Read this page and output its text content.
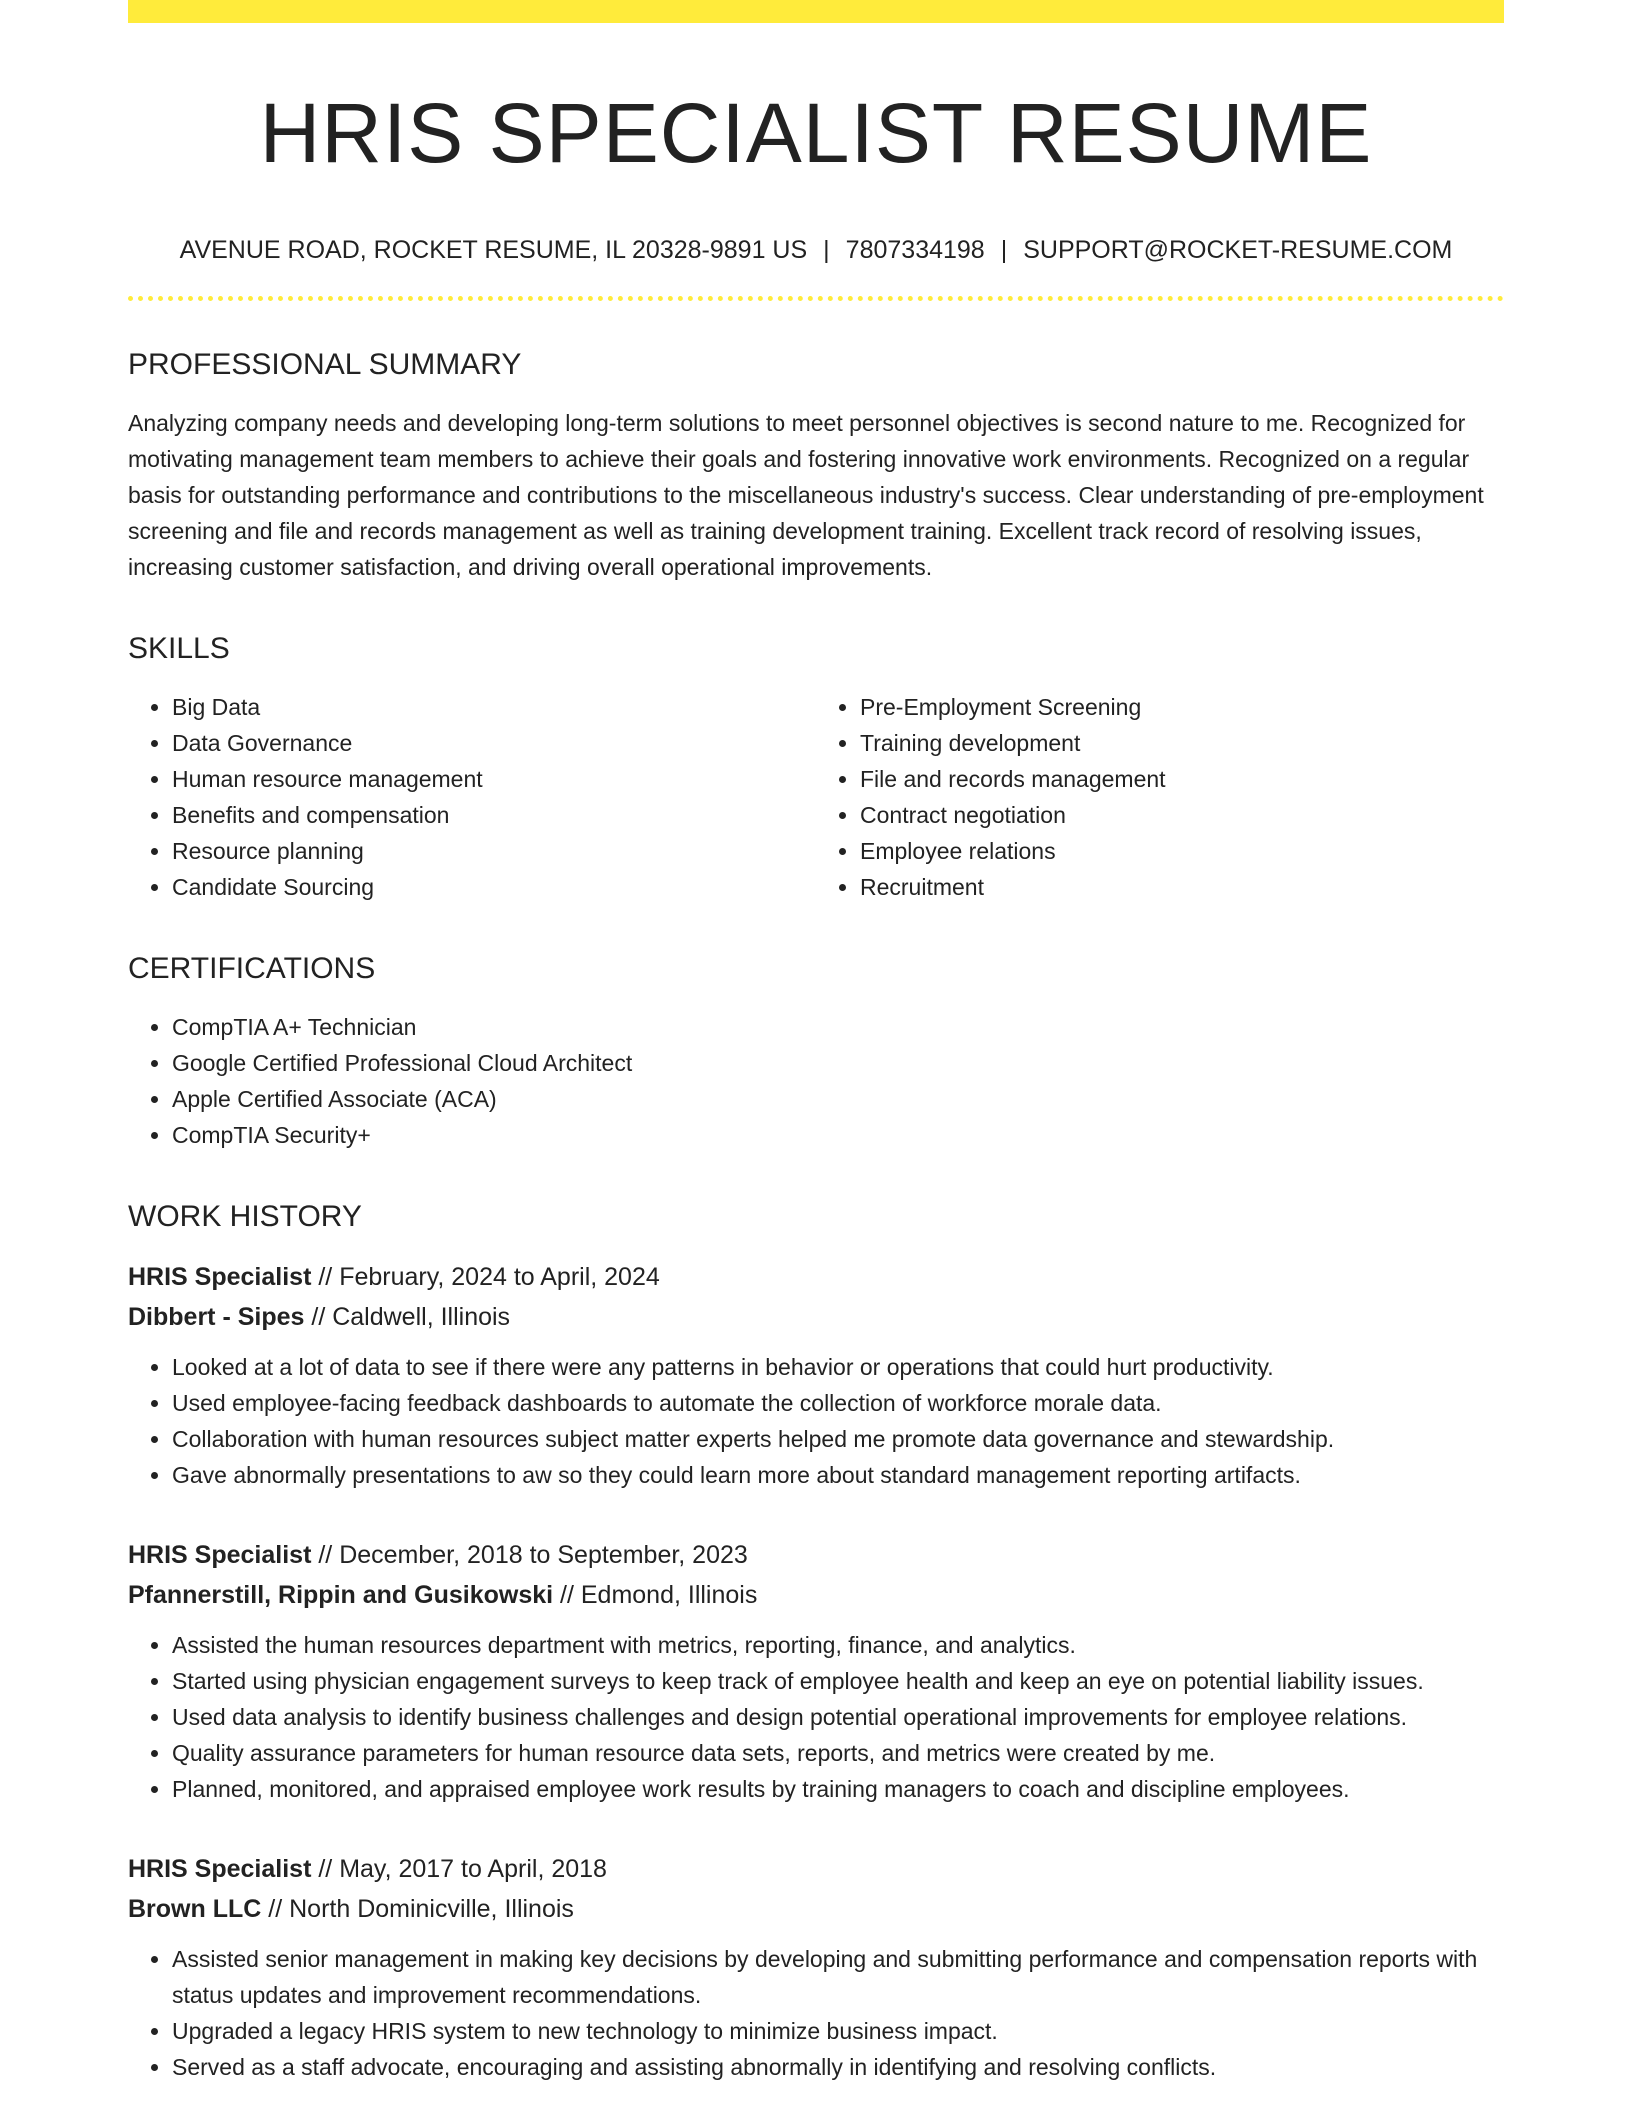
HRIS SPECIALIST RESUME
AVENUE ROAD, ROCKET RESUME, IL 20328-9891 US | 7807334198 | SUPPORT@ROCKET-RESUME.COM
PROFESSIONAL SUMMARY

Analyzing company needs and developing long-term solutions to meet personnel objectives is second nature to me. Recognized for motivating management team members to achieve their goals and fostering innovative work environments. Recognized on a regular basis for outstanding performance and contributions to the miscellaneous industry's success. Clear understanding of pre-employment screening and file and records management as well as training development training. Excellent track record of resolving issues, increasing customer satisfaction, and driving overall operational improvements.

SKILLS
• Big Data
• Data Governance
• Human resource management
• Benefits and compensation
• Resource planning
• Candidate Sourcing
• Pre-Employment Screening
• Training development
• File and records management
• Contract negotiation
• Employee relations
• Recruitment
CERTIFICATIONS
• CompTIA A+ Technician
• Google Certified Professional Cloud Architect
• Apple Certified Associate (ACA)
• CompTIA Security+
WORK HISTORY
HRIS Specialist // February, 2024 to April, 2024
Dibbert - Sipes // Caldwell, Illinois
• Looked at a lot of data to see if there were any patterns in behavior or operations that could hurt productivity.
• Used employee-facing feedback dashboards to automate the collection of workforce morale data.
• Collaboration with human resources subject matter experts helped me promote data governance and stewardship.
• Gave abnormally presentations to aw so they could learn more about standard management reporting artifacts.
HRIS Specialist // December, 2018 to September, 2023
Pfannerstill, Rippin and Gusikowski // Edmond, Illinois
• Assisted the human resources department with metrics, reporting, finance, and analytics.
• Started using physician engagement surveys to keep track of employee health and keep an eye on potential liability issues.
• Used data analysis to identify business challenges and design potential operational improvements for employee relations.
• Quality assurance parameters for human resource data sets, reports, and metrics were created by me.
• Planned, monitored, and appraised employee work results by training managers to coach and discipline employees.
HRIS Specialist // May, 2017 to April, 2018
Brown LLC // North Dominicville, Illinois
• Assisted senior management in making key decisions by developing and submitting performance and compensation reports with status updates and improvement recommendations.
• Upgraded a legacy HRIS system to new technology to minimize business impact.
• Served as a staff advocate, encouraging and assisting abnormally in identifying and resolving conflicts.
